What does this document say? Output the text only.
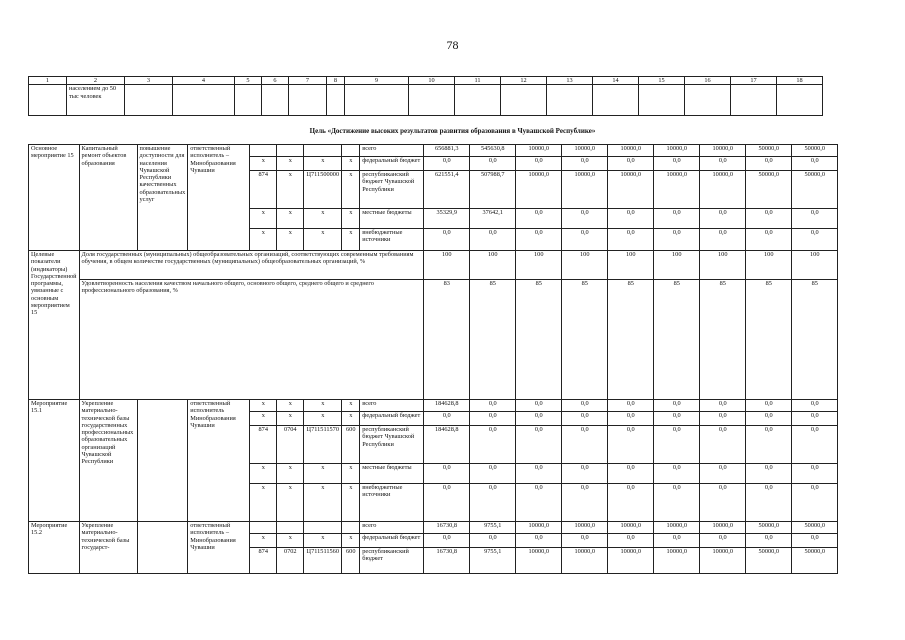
78
1	2	3	4	5	6	7	8	9	10	11	12	13	14	15	16	17	18
	населением до 50 тыс человек																
Цель «Достижение высоких результатов развития образования в Чувашской Республике»
Основное мероприятие 15	Капитальный ремонт объектов образования	повышение доступности для населения Чувашской Республики качественных образовательных услуг	ответственный исполнитель – Минобразования Чувашии					всего	656881,3	545630,8	10000,0	10000,0	10000,0	10000,0	10000,0	50000,0	50000,0
				x	x	x	x	федеральный бюджет	0,0	0,0	0,0	0,0	0,0	0,0	0,0	0,0	0,0
				874	x	Ц711500000	x	республиканский бюджет Чувашской Республики	621551,4	507988,7	10000,0	10000,0	10000,0	10000,0	10000,0	50000,0	50000,0
				x	x	x	x	местные бюджеты	35329,9	37642,1	0,0	0,0	0,0	0,0	0,0	0,0	0,0
				x	x	x	x	внебюджетные источники	0,0	0,0	0,0	0,0	0,0	0,0	0,0	0,0	0,0
Целевые показатели (индикаторы) Государственной программы, увязанные с основным мероприятием 15	Доля государственных (муниципальных) общеобразовательных организаций, соответствующих современным требованиям обучения, в общем количестве государственных (муниципальных) общеобразовательных организаций, %								100	100	100	100	100	100	100	100	100
	Удовлетворенность населения качеством начального общего, основного общего, среднего общего и среднего профессионального образования, %								83	85	85	85	85	85	85	85	85
Мероприятие 15.1	Укрепление материально-технической базы государственных профессиональных образовательных организаций Чувашской Республики		ответственный исполнитель Минобразования Чувашии	x	x	x	x	всего	184628,8	0,0	0,0	0,0	0,0	0,0	0,0	0,0	0,0
				x	x	x	x	федеральный бюджет	0,0	0,0	0,0	0,0	0,0	0,0	0,0	0,0	0,0
				874	0704	Ц711511570	600	республиканский бюджет Чувашской Республики	184628,8	0,0	0,0	0,0	0,0	0,0	0,0	0,0	0,0
				x	x	x	x	местные бюджеты	0,0	0,0	0,0	0,0	0,0	0,0	0,0	0,0	0,0
				x	x	x	x	внебюджетные источники	0,0	0,0	0,0	0,0	0,0	0,0	0,0	0,0	0,0
Мероприятие 15.2	Укрепление материально-технической базы государст-		ответственный исполнитель – Минобразования Чувашии					всего	16730,8	9755,1	10000,0	10000,0	10000,0	10000,0	10000,0	50000,0	50000,0
				x	x	x	x	федеральный бюджет	0,0	0,0	0,0	0,0	0,0	0,0	0,0	0,0	0,0
				874	0702	Ц711511560	600	республиканский бюджет	16730,8	9755,1	10000,0	10000,0	10000,0	10000,0	10000,0	50000,0	50000,0
